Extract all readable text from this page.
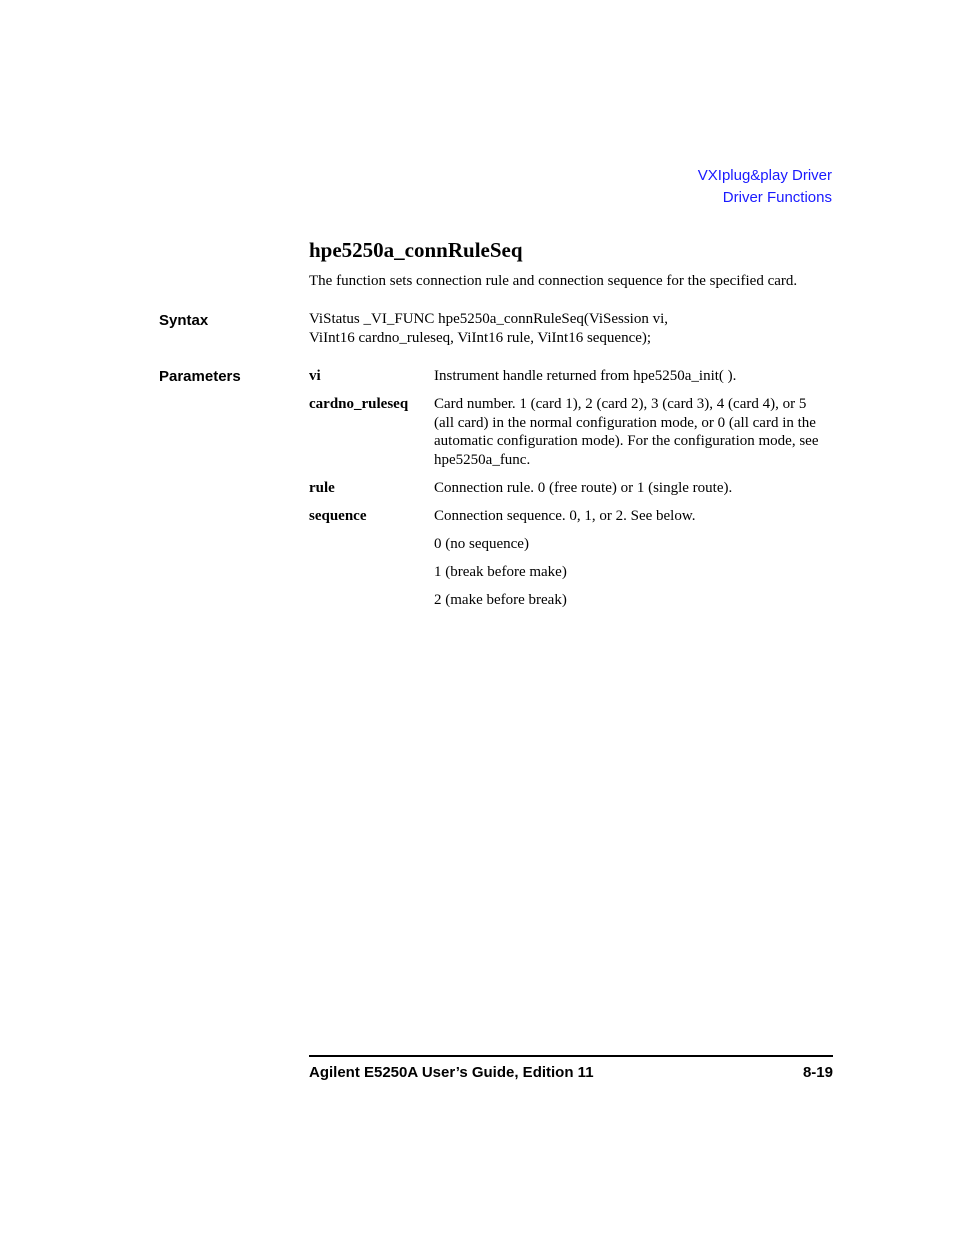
VXIplug&play Driver
Driver Functions
hpe5250a_connRuleSeq

The function sets connection rule and connection sequence for the specified card.

Syntax	ViStatus _VI_FUNC hpe5250a_connRuleSeq(ViSession vi,
ViInt16 cardno_ruleseq, ViInt16 rule, ViInt16 sequence);
Parameters	vi	Instrument handle returned from hpe5250a_init( ).
cardno_ruleseq Card number. 1 (card 1), 2 (card 2), 3 (card 3), 4 (card 4), or 5
(all card) in the normal configuration mode, or 0 (all card in the
automatic configuration mode). For the configuration mode, see
hpe5250a_func.
rule	Connection rule. 0 (free route) or 1 (single route).
sequence	Connection sequence. 0, 1, or 2. See below.
0 (no sequence)
1 (break before make)
2 (make before break)
Agilent E5250A User’s Guide, Edition 11	8-19
